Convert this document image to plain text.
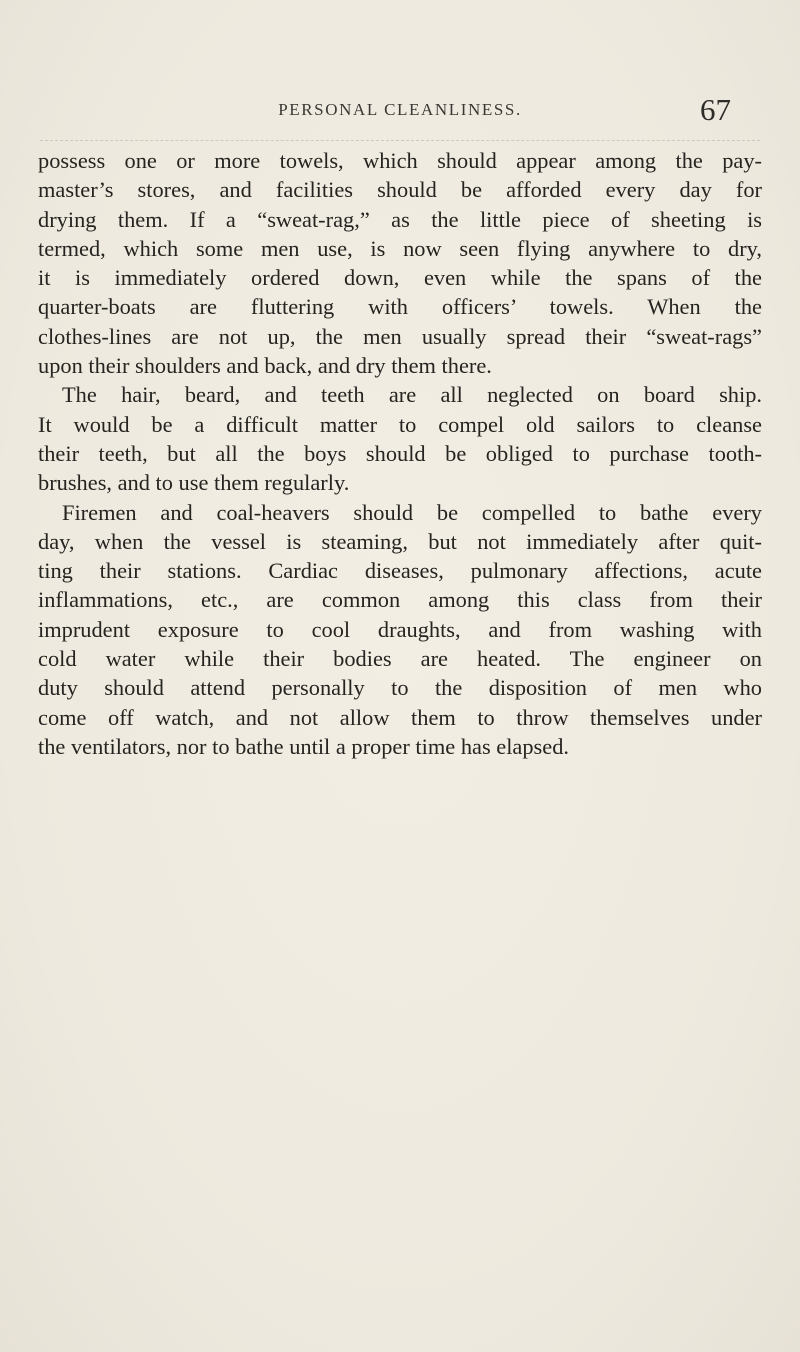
PERSONAL CLEANLINESS.	67
possess one or more towels, which should appear among the pay-
master’s stores, and facilities should be afforded every day for
drying them. If a “sweat-rag,” as the little piece of sheeting is
termed, which some men use, is now seen flying anywhere to dry,
it is immediately ordered down, even while the spans of the
quarter-boats are fluttering with officers’ towels. When the
clothes-lines are not up, the men usually spread their “sweat-rags”
upon their shoulders and back, and dry them there.
The hair, beard, and teeth are all neglected on board ship.
It would be a difficult matter to compel old sailors to cleanse
their teeth, but all the boys should be obliged to purchase tooth-
brushes, and to use them regularly.
Firemen and coal-heavers should be compelled to bathe every
day, when the vessel is steaming, but not immediately after quit-
ting their stations. Cardiac diseases, pulmonary affections, acute
inflammations, etc., are common among this class from their
imprudent exposure to cool draughts, and from washing with
cold water while their bodies are heated. The engineer on
duty should attend personally to the disposition of men who
come off watch, and not allow them to throw themselves under
the ventilators, nor to bathe until a proper time has elapsed.
